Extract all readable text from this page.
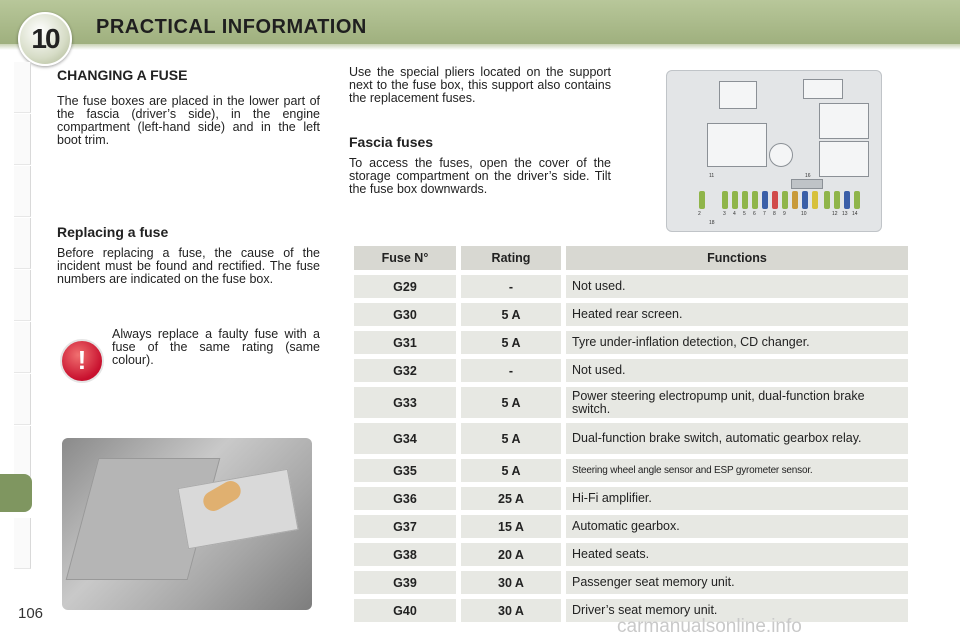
10 PRACTICAL INFORMATION
CHANGING A FUSE

The fuse boxes are placed in the lower part of the fascia (driver’s side), in the engine compartment (left-hand side) and in the left boot trim.

Replacing a fuse

Before replacing a fuse, the cause of the incident must be found and rectified. The fuse numbers are indicated on the fuse box.

Always replace a faulty fuse with a fuse of the same rating (same colour).

!

Use the special pliers located on the support next to the fuse box, this support also contains the replacement fuses.

Fascia fuses

To access the fuses, open the cover of the storage compartment on the driver’s side. Tilt the fuse box downwards.

11	16
2	3 4 5 6 7 8 9	10	12 13 14
18
Fuse N°	Rating	Functions
G29	-	Not used.
G30	5 A	Heated rear screen.
G31	5 A	Tyre under-inflation detection, CD changer.
G32	-	Not used.
G33	5 A	Power steering electropump unit, dual-function brake switch.
G34	5 A	Dual-function brake switch, automatic gearbox relay.
G35	5 A	Steering wheel angle sensor and ESP gyrometer sensor.
G36	25 A	Hi-Fi amplifier.
G37	15 A	Automatic gearbox.
G38	20 A	Heated seats.
G39	30 A	Passenger seat memory unit.
G40	30 A	Driver’s seat memory unit.
106
carmanualsonline.info
